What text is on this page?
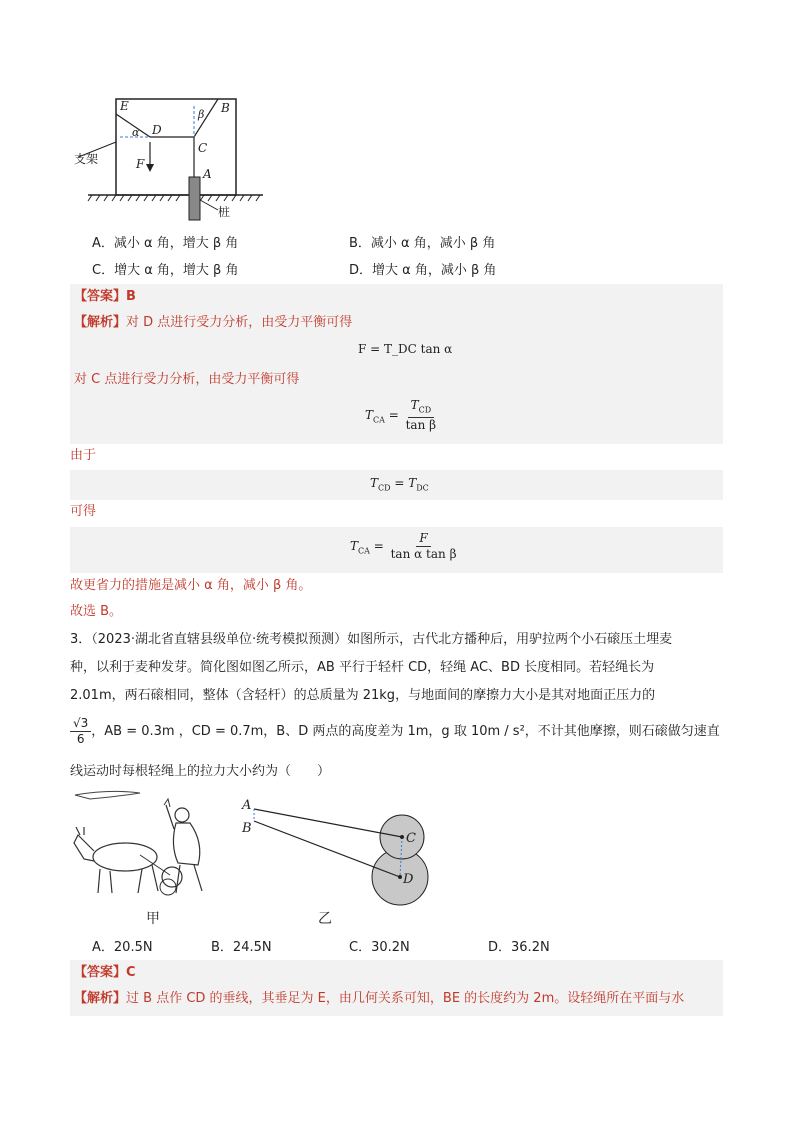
E	B
D
C
A
F
α
β
支架
桩
A．减小 α 角，增大 β 角	B．减小 α 角，减小 β 角
C．增大 α 角，增大 β 角	D．增大 α 角，减小 β 角
【答案】B
【解析】对 D 点进行受力分析，由受力平衡可得
F = T_DC tan α
对 C 点进行受力分析，由受力平衡可得
$T_{CA} = \frac{T_{CD}}{\text{tan β}}$
由于
$T_{CD} = T_{DC}$
可得
$T_{CA} = \frac{F}{\text{tan α tan β}}$
故更省力的措施是减小 α 角，减小 β 角。
故选 B。
3．（2023·湖北省直辖县级单位·统考模拟预测）如图所示，古代北方播种后，用驴拉两个小石磙压土埋麦
种，以利于麦种发芽。简化图如图乙所示，AB 平行于轻杆 CD，轻绳 AC、BD 长度相同。若轻绳长为
2.01m，两石磙相同，整体（含轻杆）的总质量为 21kg，与地面间的摩擦力大小是其对地面正压力的
$\frac{√3}{6}$ ，AB = 0.3m ，CD = 0.7m，B、D 两点的高度差为 1m，g 取 10m / s²，不计其他摩擦，则石磙做匀速直
线运动时每根轻绳上的拉力大小约为（　　）
甲
A
B
C
D
乙
A．20.5N	B．24.5N	C．30.2N	D．36.2N
【答案】C
【解析】过 B 点作 CD 的垂线，其垂足为 E，由几何关系可知，BE 的长度约为 2m。设轻绳所在平面与水
